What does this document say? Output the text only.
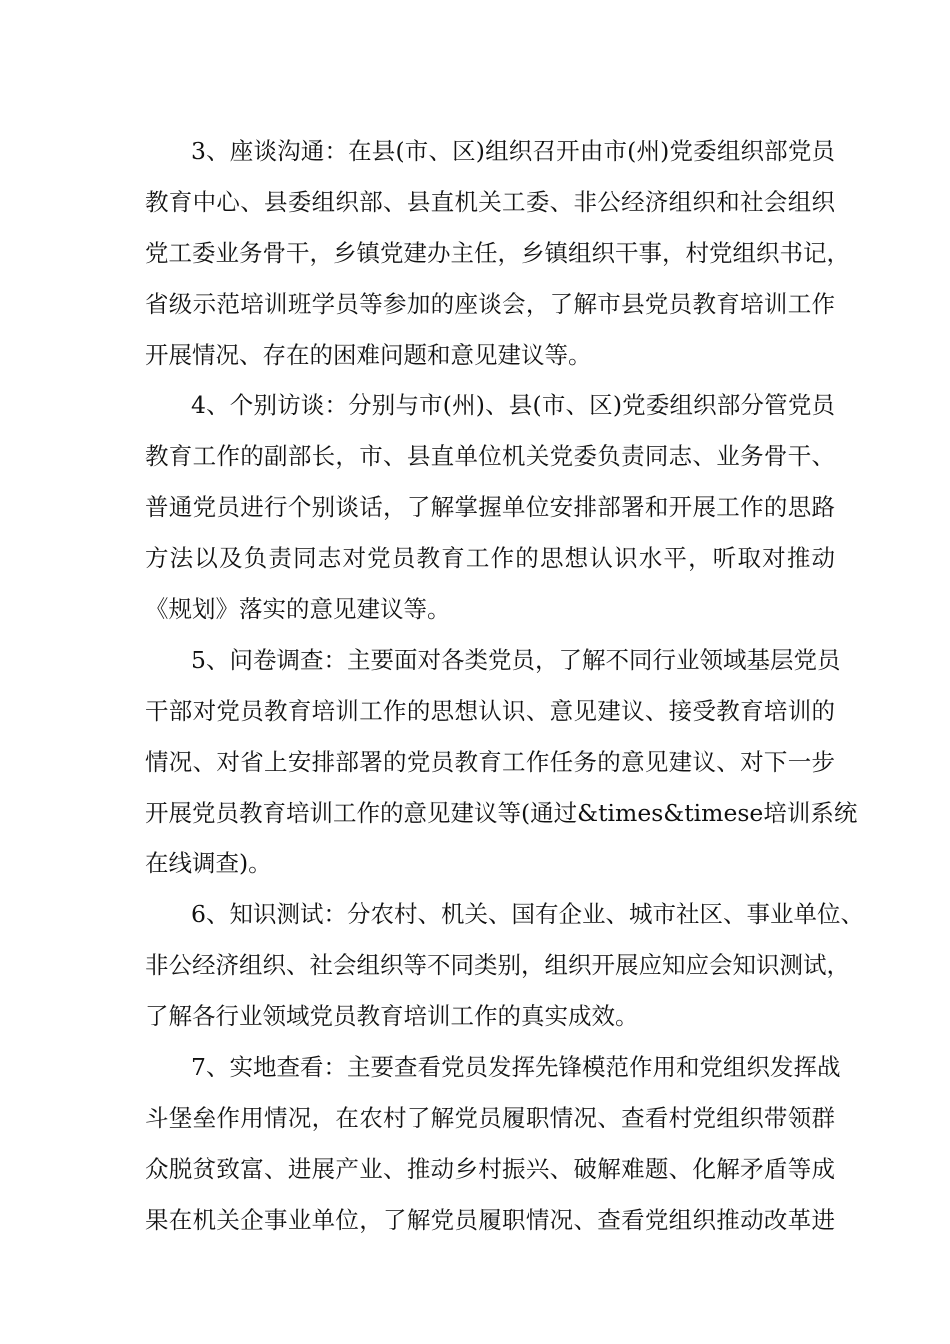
3、座谈沟通：在县(市、区)组织召开由市(州)党委组织部党员
教育中心、县委组织部、县直机关工委、非公经济组织和社会组织
党工委业务骨干，乡镇党建办主任，乡镇组织干事，村党组织书记，
省级示范培训班学员等参加的座谈会，了解市县党员教育培训工作
开展情况、存在的困难问题和意见建议等。
4、个别访谈：分别与市(州)、县(市、区)党委组织部分管党员
教育工作的副部长，市、县直单位机关党委负责同志、业务骨干、
普通党员进行个别谈话，了解掌握单位安排部署和开展工作的思路
方法以及负责同志对党员教育工作的思想认识水平，听取对推动
《规划》落实的意见建议等。
5、问卷调查：主要面对各类党员，了解不同行业领域基层党员
干部对党员教育培训工作的思想认识、意见建议、接受教育培训的
情况、对省上安排部署的党员教育工作任务的意见建议、对下一步
开展党员教育培训工作的意见建议等(通过&times&timese培训系统
在线调查)。
6、知识测试：分农村、机关、国有企业、城市社区、事业单位、
非公经济组织、社会组织等不同类别，组织开展应知应会知识测试，
了解各行业领域党员教育培训工作的真实成效。
7、实地查看：主要查看党员发挥先锋模范作用和党组织发挥战
斗堡垒作用情况，在农村了解党员履职情况、查看村党组织带领群
众脱贫致富、进展产业、推动乡村振兴、破解难题、化解矛盾等成
果在机关企事业单位，了解党员履职情况、查看党组织推动改革进
